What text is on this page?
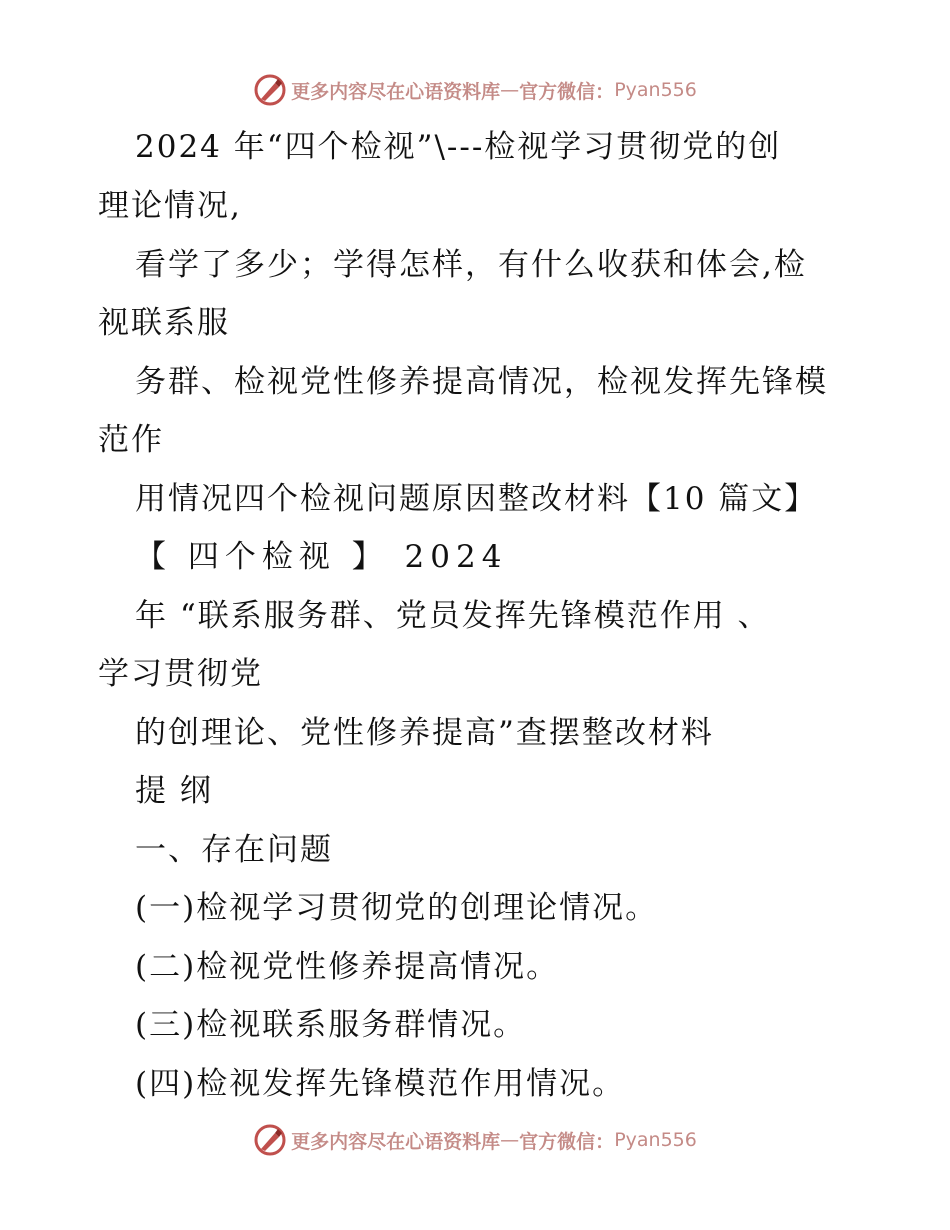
更多内容尽在心语资料库 — 官方微信： Pyan556
2024 年“四个检视”\---检视学习贯彻党的创
理论情况,
看学了多少；学得怎样，有什么收获和体会,检
视联系服
务群、检视党性修养提高情况，检视发挥先锋模
范作
用情况四个检视问题原因整改材料【10 篇文】
【 四个检视 】 2024
年 “联系服务群、党员发挥先锋模范作用 、
学习贯彻党
的创理论、党性修养提高”查摆整改材料
提 纲
一、存在问题
(一)检视学习贯彻党的创理论情况。
(二)检视党性修养提高情况。
(三)检视联系服务群情况。
(四)检视发挥先锋模范作用情况。
更多内容尽在心语资料库 — 官方微信： Pyan556
